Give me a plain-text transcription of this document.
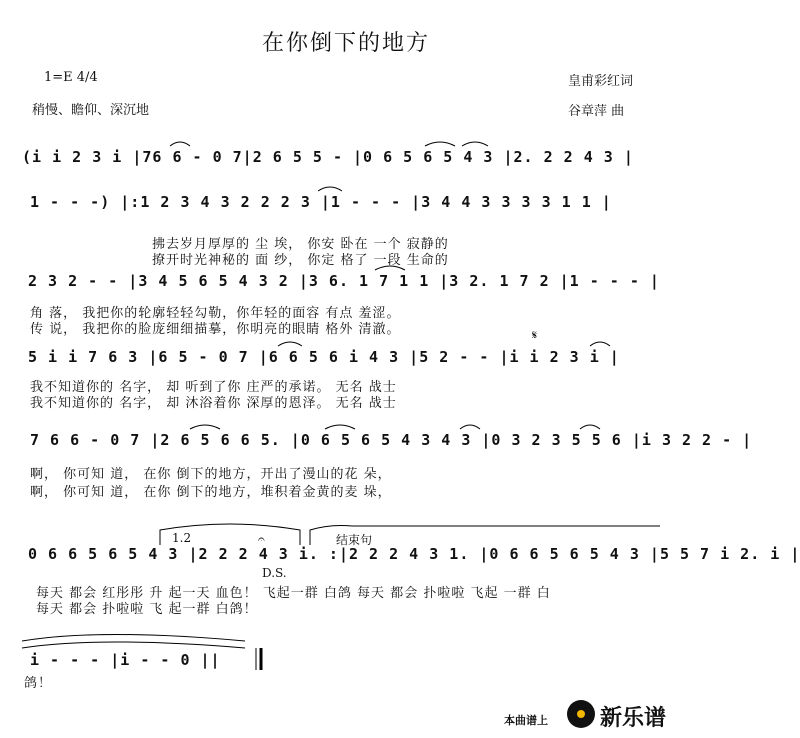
在你倒下的地方
1=E 4/4
稍慢、瞻仰、深沉地
皇甫彩红词
谷章萍 曲
(i i 2 3 i |76 6 - 0 7|2 6 5 5 - |0 6 5 6 5 4 3 |2. 2 2 4 3 |
1 - - -) |:1 2 3 4 3 2 2 2 3 |1 - - - |3 4 4 3 3 3 3 1 1 |
拂去岁月厚厚的 尘 埃， 你安 卧在 一个 寂静的
撩开时光神秘的 面 纱， 你定 格了 一段 生命的
2 3 2 - - |3 4 5 6 5 4 3 2 |3 6. 1 7 1 1 |3 2. 1 7 2 |1 - - - |
角 落， 我把你的轮廓轻轻勾勒，你年轻的面容 有点 羞涩。
传 说， 我把你的脸庞细细描摹，你明亮的眼睛 格外 清澈。	𝄋
5 i i 7 6 3 |6 5 - 0 7 |6 6 5 6 i 4 3 |5 2 - - |i i 2 3 i |
我不知道你的 名字， 却 听到了你 庄严的承诺。 无名 战士
我不知道你的 名字， 却 沐浴着你 深厚的恩泽。 无名 战士
7 6 6 - 0 7 |2 6 5 6 6 5. |0 6 5 6 5 4 3 4 3 |0 3 2 3 5 5 6 |i 3 2 2 - |
啊， 你可知 道， 在你 倒下的地方，开出了漫山的花 朵，
啊， 你可知 道， 在你 倒下的地方，堆积着金黄的麦 垛，
1.2	结束句
𝄐
0 6 6 5 6 5 4 3 |2 2 2 4 3 i. :|2 2 2 4 3 1. |0 6 6 5 6 5 4 3 |5 5 7 i 2. i |
D.S.
每天 都会 红彤彤 升 起一天 血色！ 飞起一群 白鸽 每天 都会 扑啦啦 飞起 一群 白
每天 都会 扑啦啦 飞 起一群 白鸽！
i - - - |i - - 0 ||
鸽！
本曲谱上 新乐谱
